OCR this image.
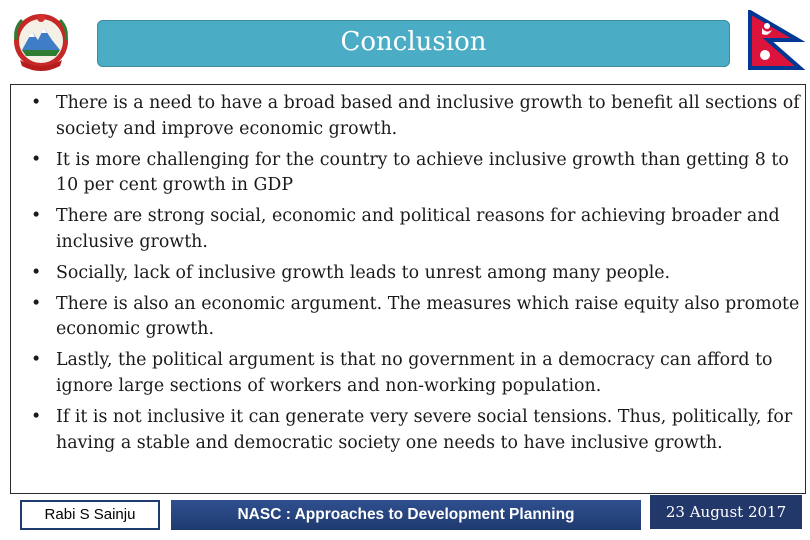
Conclusion
• There is a need to have a broad based and inclusive growth to benefit all sections of society and improve economic growth.
• It is more challenging for the country to achieve inclusive growth than getting 8 to 10 per cent growth in GDP
• There are strong social, economic and political reasons for achieving broader and inclusive growth.
• Socially, lack of inclusive growth leads to unrest among many people.
• There is also an economic argument. The measures which raise equity also promote economic growth.
• Lastly, the political argument is that no government in a democracy can afford to ignore large sections of workers and non-working population.
• If it is not inclusive it can generate very severe social tensions. Thus, politically, for having a stable and democratic society one needs to have inclusive growth.
Rabi S Sainju	NASC : Approaches to Development Planning	23 August 2017
